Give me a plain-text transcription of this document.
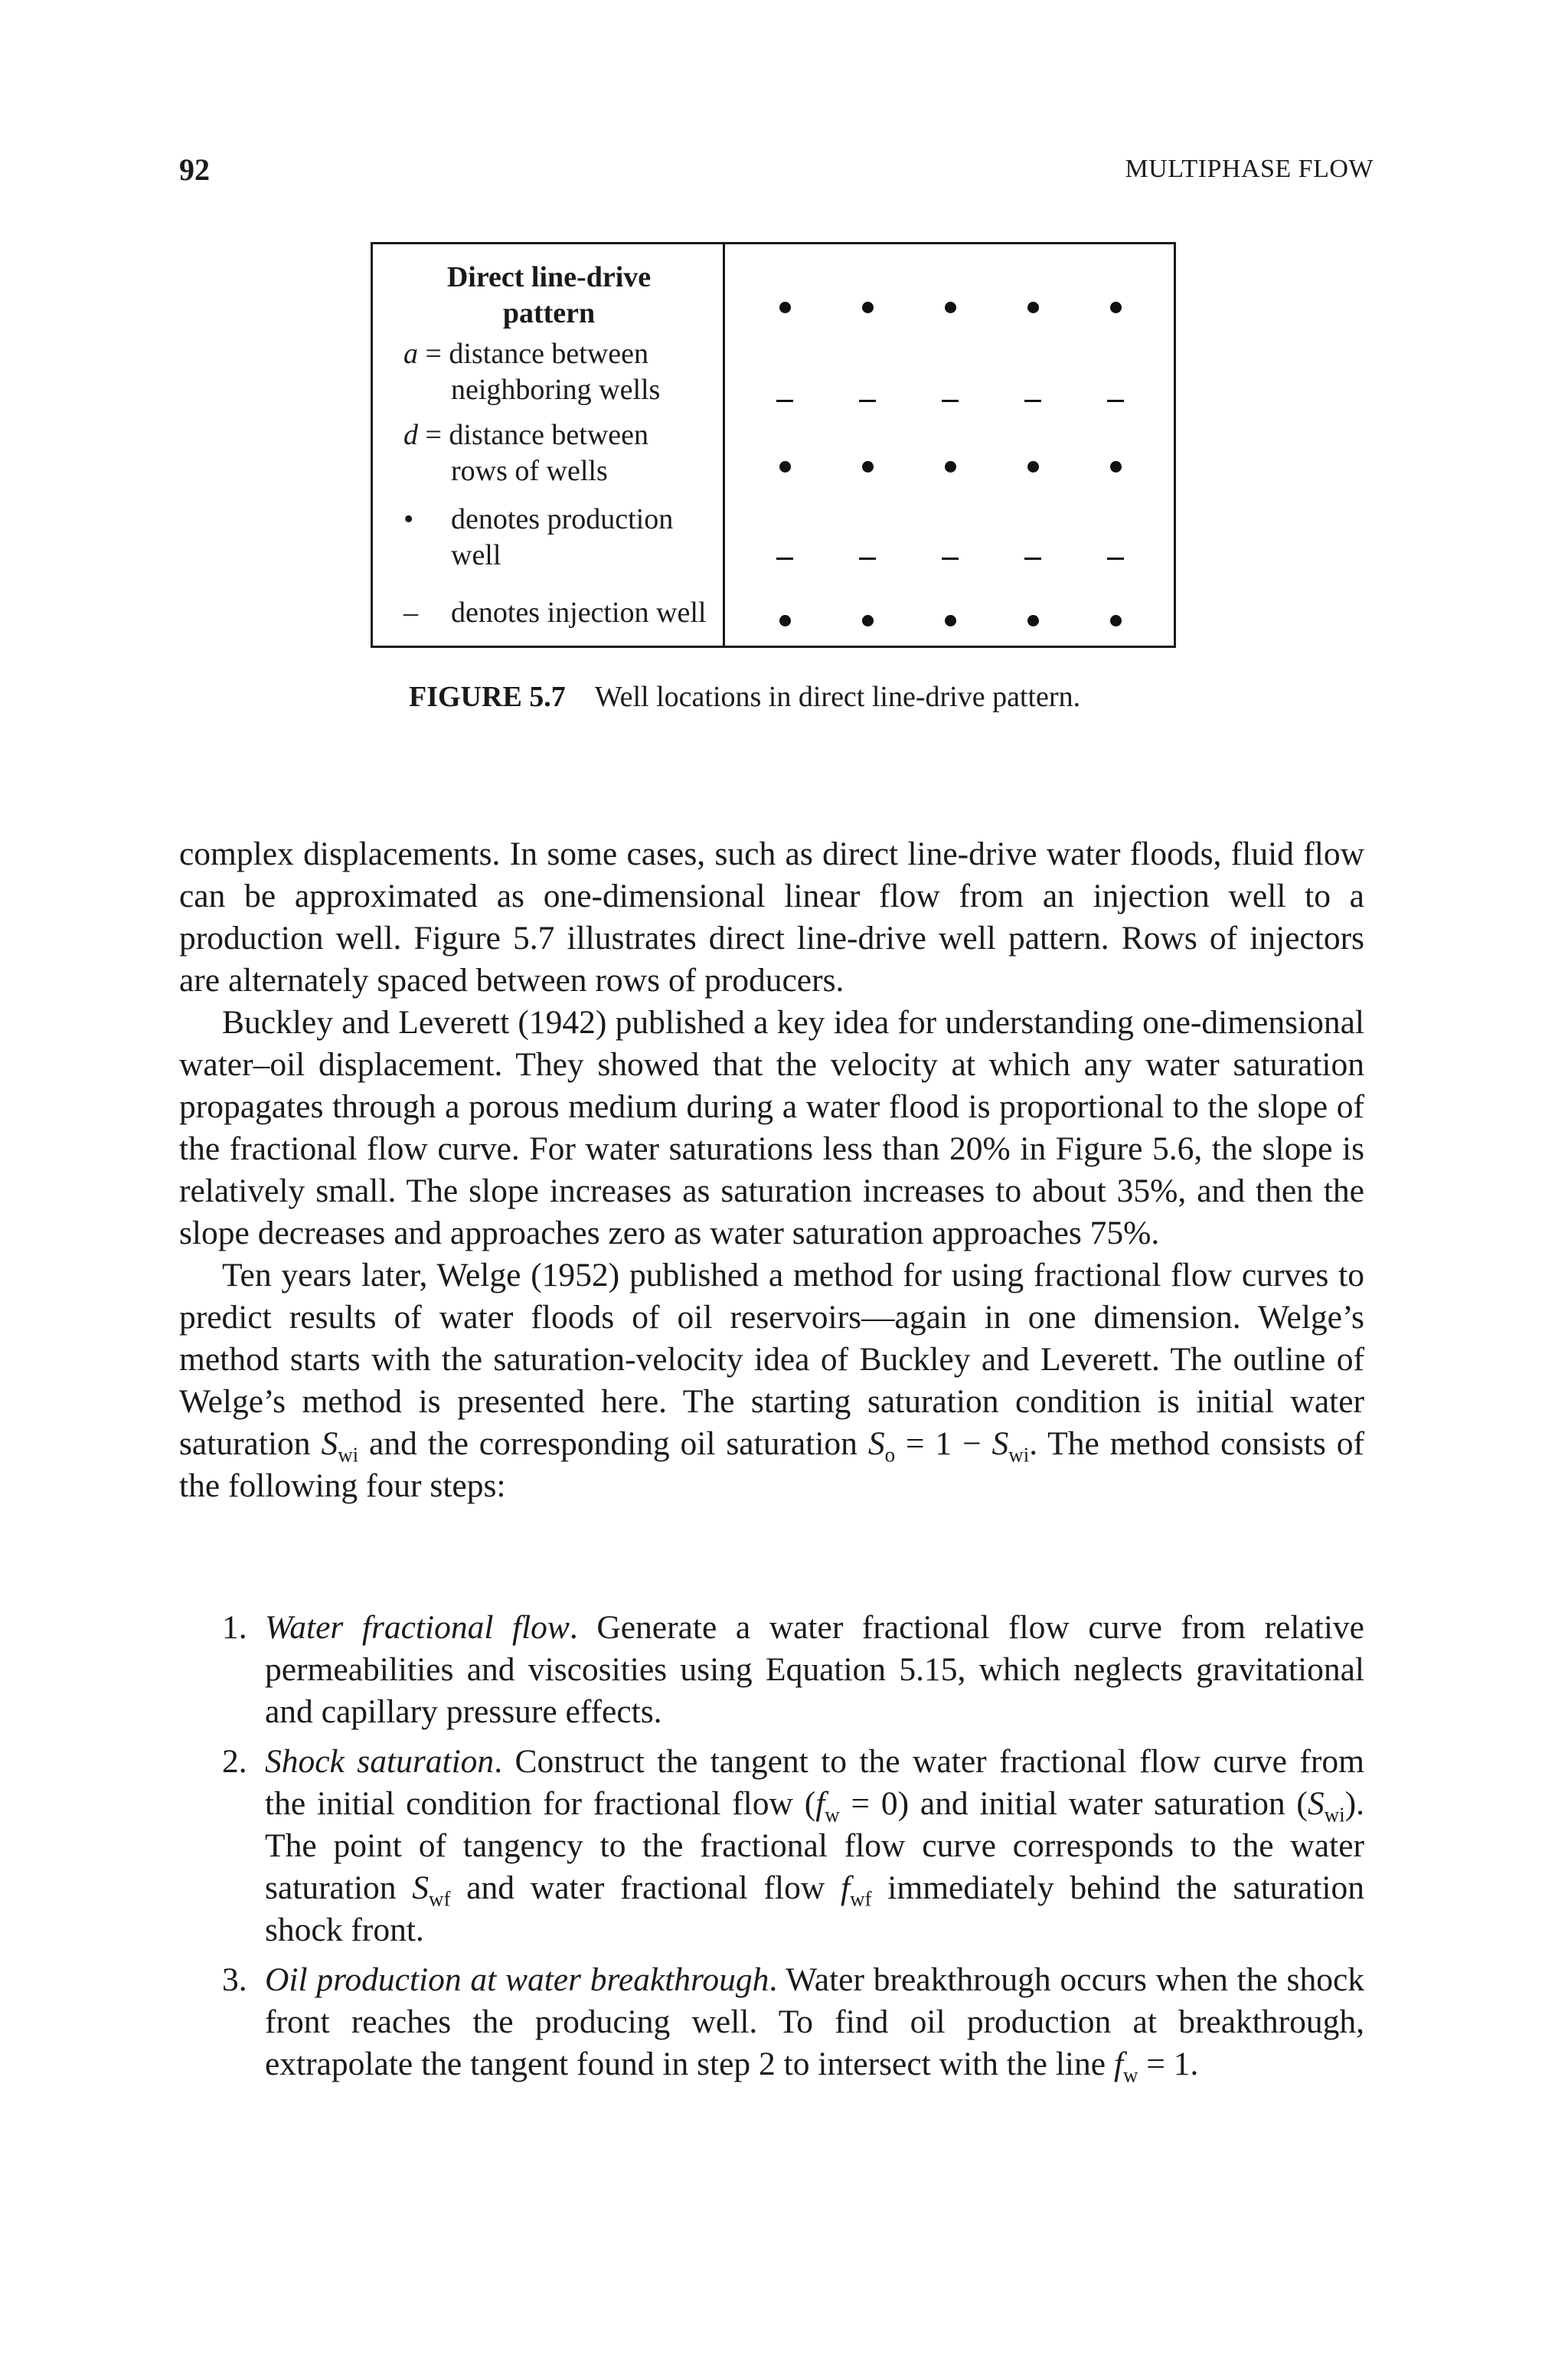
92	MULTIPHASE FLOW
Direct line-drive
pattern
a = distance between
neighboring wells
d = distance between
rows of wells
•	denotes production
well
– denotes injection well
FIGURE 5.7 Well locations in direct line-drive pattern.

complex displacements. In some cases, such as direct line-drive water floods, fluid flow can be approximated as one-dimensional linear flow from an injection well to a production well. Figure 5.7 illustrates direct line-drive well pattern. Rows of injectors are alternately spaced between rows of producers.

Buckley and Leverett (1942) published a key idea for understanding one-dimensional water–oil displacement. They showed that the velocity at which any water saturation propagates through a porous medium during a water flood is proportional to the slope of the fractional flow curve. For water saturations less than 20% in Figure 5.6, the slope is relatively small. The slope increases as saturation increases to about 35%, and then the slope decreases and approaches zero as water saturation approaches 75%.

Ten years later, Welge (1952) published a method for using fractional flow curves to predict results of water floods of oil reservoirs—again in one dimension. Welge’s method starts with the saturation-velocity idea of Buckley and Leverett. The outline of Welge’s method is presented here. The starting saturation condition is initial water saturation $S_{wi}$ and the corresponding oil saturation $S_o = 1 - S_{wi}$. The method consists of the following four steps:

1. Water fractional flow. Generate a water fractional flow curve from relative permeabilities and viscosities using Equation 5.15, which neglects gravitational and capillary pressure effects.
2. Shock saturation. Construct the tangent to the water fractional flow curve from the initial condition for fractional flow $(f_w = 0)$ and initial water saturation $(S_{wi})$. The point of tangency to the fractional flow curve corresponds to the water saturation $S_{wf}$ and water fractional flow $f_{wf}$ immediately behind the saturation shock front.
3. Oil production at water breakthrough. Water breakthrough occurs when the shock front reaches the producing well. To find oil production at breakthrough, extrapolate the tangent found in step 2 to intersect with the line $f_w = 1$.
